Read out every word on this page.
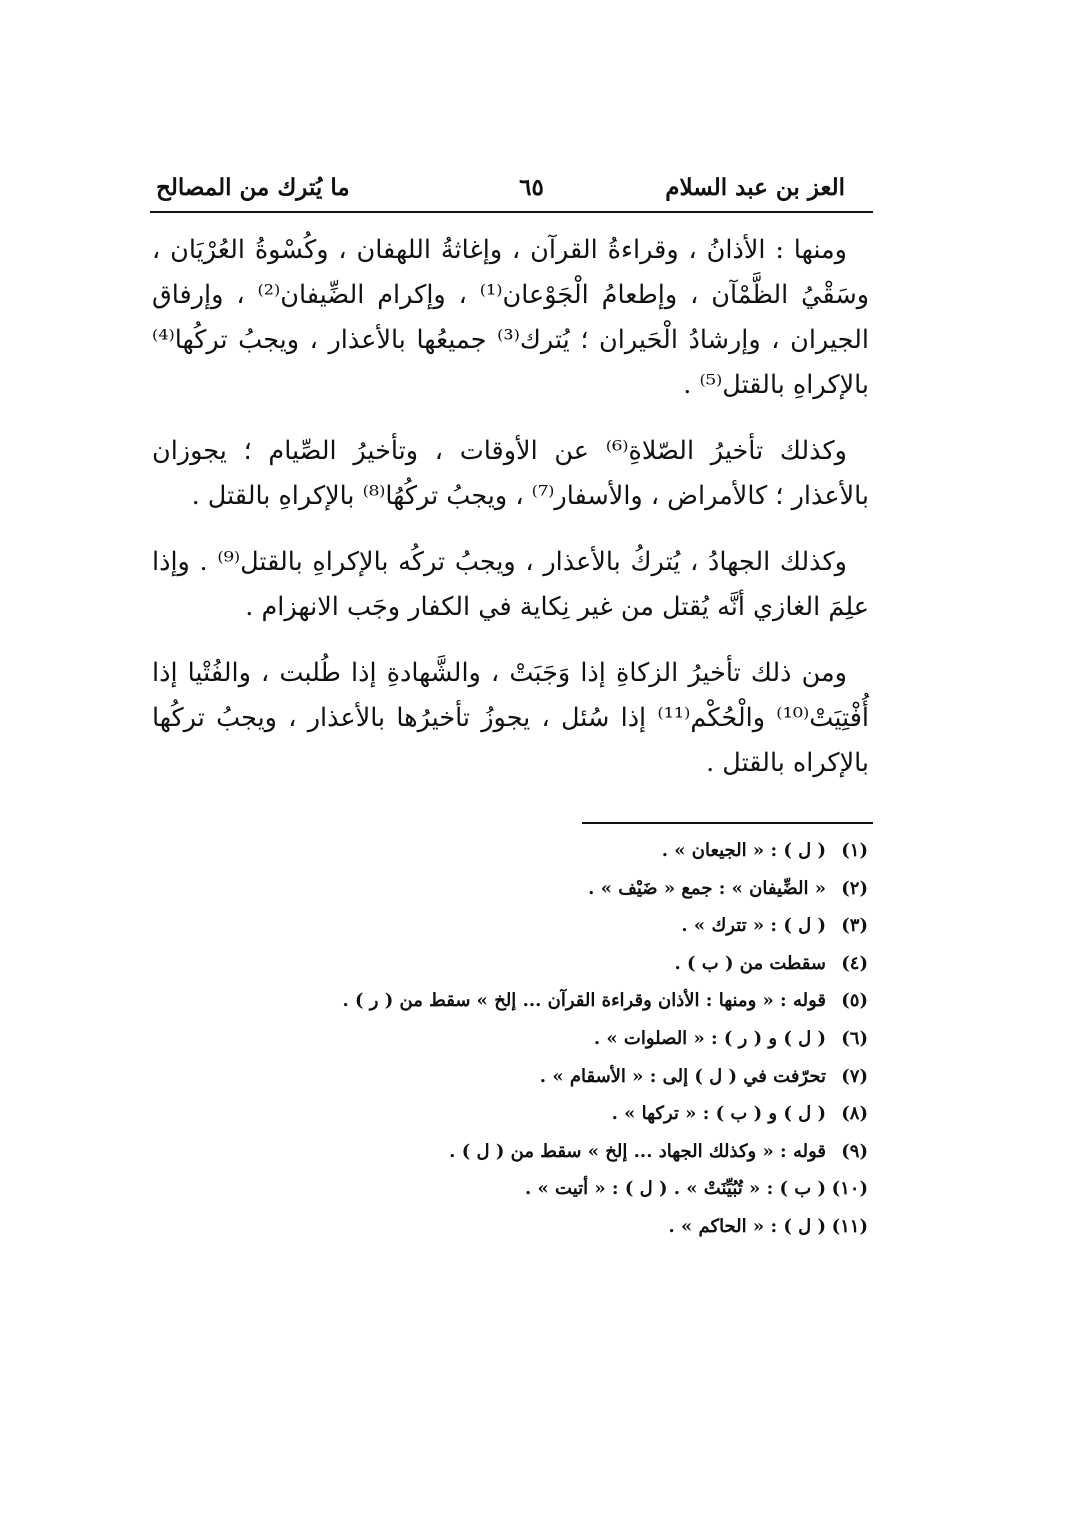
العز بن عبد السلام
٦٥
ما يُترك من المصالح

ومنها : الأذانُ ، وقراءةُ القرآن ، وإغاثةُ اللهفان ، وكُسْوةُ العُرْيَان ، وسَقْيُ الظَّمْآن ، وإطعامُ الْجَوْعان⁽¹⁾ ، وإكرام الضِّيفان⁽²⁾ ، وإرفاق الجيران ، وإرشادُ الْحَيران ؛ يُترك⁽³⁾ جميعُها بالأعذار ، ويجبُ تركُها⁽⁴⁾ بالإكراهِ بالقتل⁽⁵⁾ .

وكذلك تأخيرُ الصّلاةِ⁽⁶⁾ عن الأوقات ، وتأخيرُ الصِّيام ؛ يجوزان بالأعذار ؛ كالأمراض ، والأسفار⁽⁷⁾ ، ويجبُ تركُهُا⁽⁸⁾ بالإكراهِ بالقتل .

وكذلك الجهادُ ، يُتركُ بالأعذار ، ويجبُ تركُه بالإكراهِ بالقتل⁽⁹⁾ . وإذا علِمَ الغازي أنَّه يُقتل من غير نِكاية في الكفار وجَب الانهزام .

ومن ذلك تأخيرُ الزكاةِ إذا وَجَبَتْ ، والشَّهادةِ إذا طُلبت ، والفُتْيا إذا أُفْتِيَتْ⁽¹⁰⁾ والْحُكْم⁽¹¹⁾ إذا سُئل ، يجوزُ تأخيرُها بالأعذار ، ويجبُ تركُها بالإكراه بالقتل .

(١)( ل ) : « الجيعان » .
(٢)« الضِّيفان » : جمع « ضَيْف » .
(٣)( ل ) : « تترك » .
(٤)سقطت من ( ب ) .
(٥)قوله : « ومنها : الأذان وقراءة القرآن ... إلخ » سقط من ( ر ) .
(٦)( ل ) و ( ر ) : « الصلوات » .
(٧)تحرّفت في ( ل ) إلى : « الأسقام » .
(٨)( ل ) و ( ب ) : « تركها » .
(٩)قوله : « وكذلك الجهاد ... إلخ » سقط من ( ل ) .
(١٠)( ب ) : « تُبُيِّنَتْ » . ( ل ) : « أتيت » .
(١١)( ل ) : « الحاكم » .
